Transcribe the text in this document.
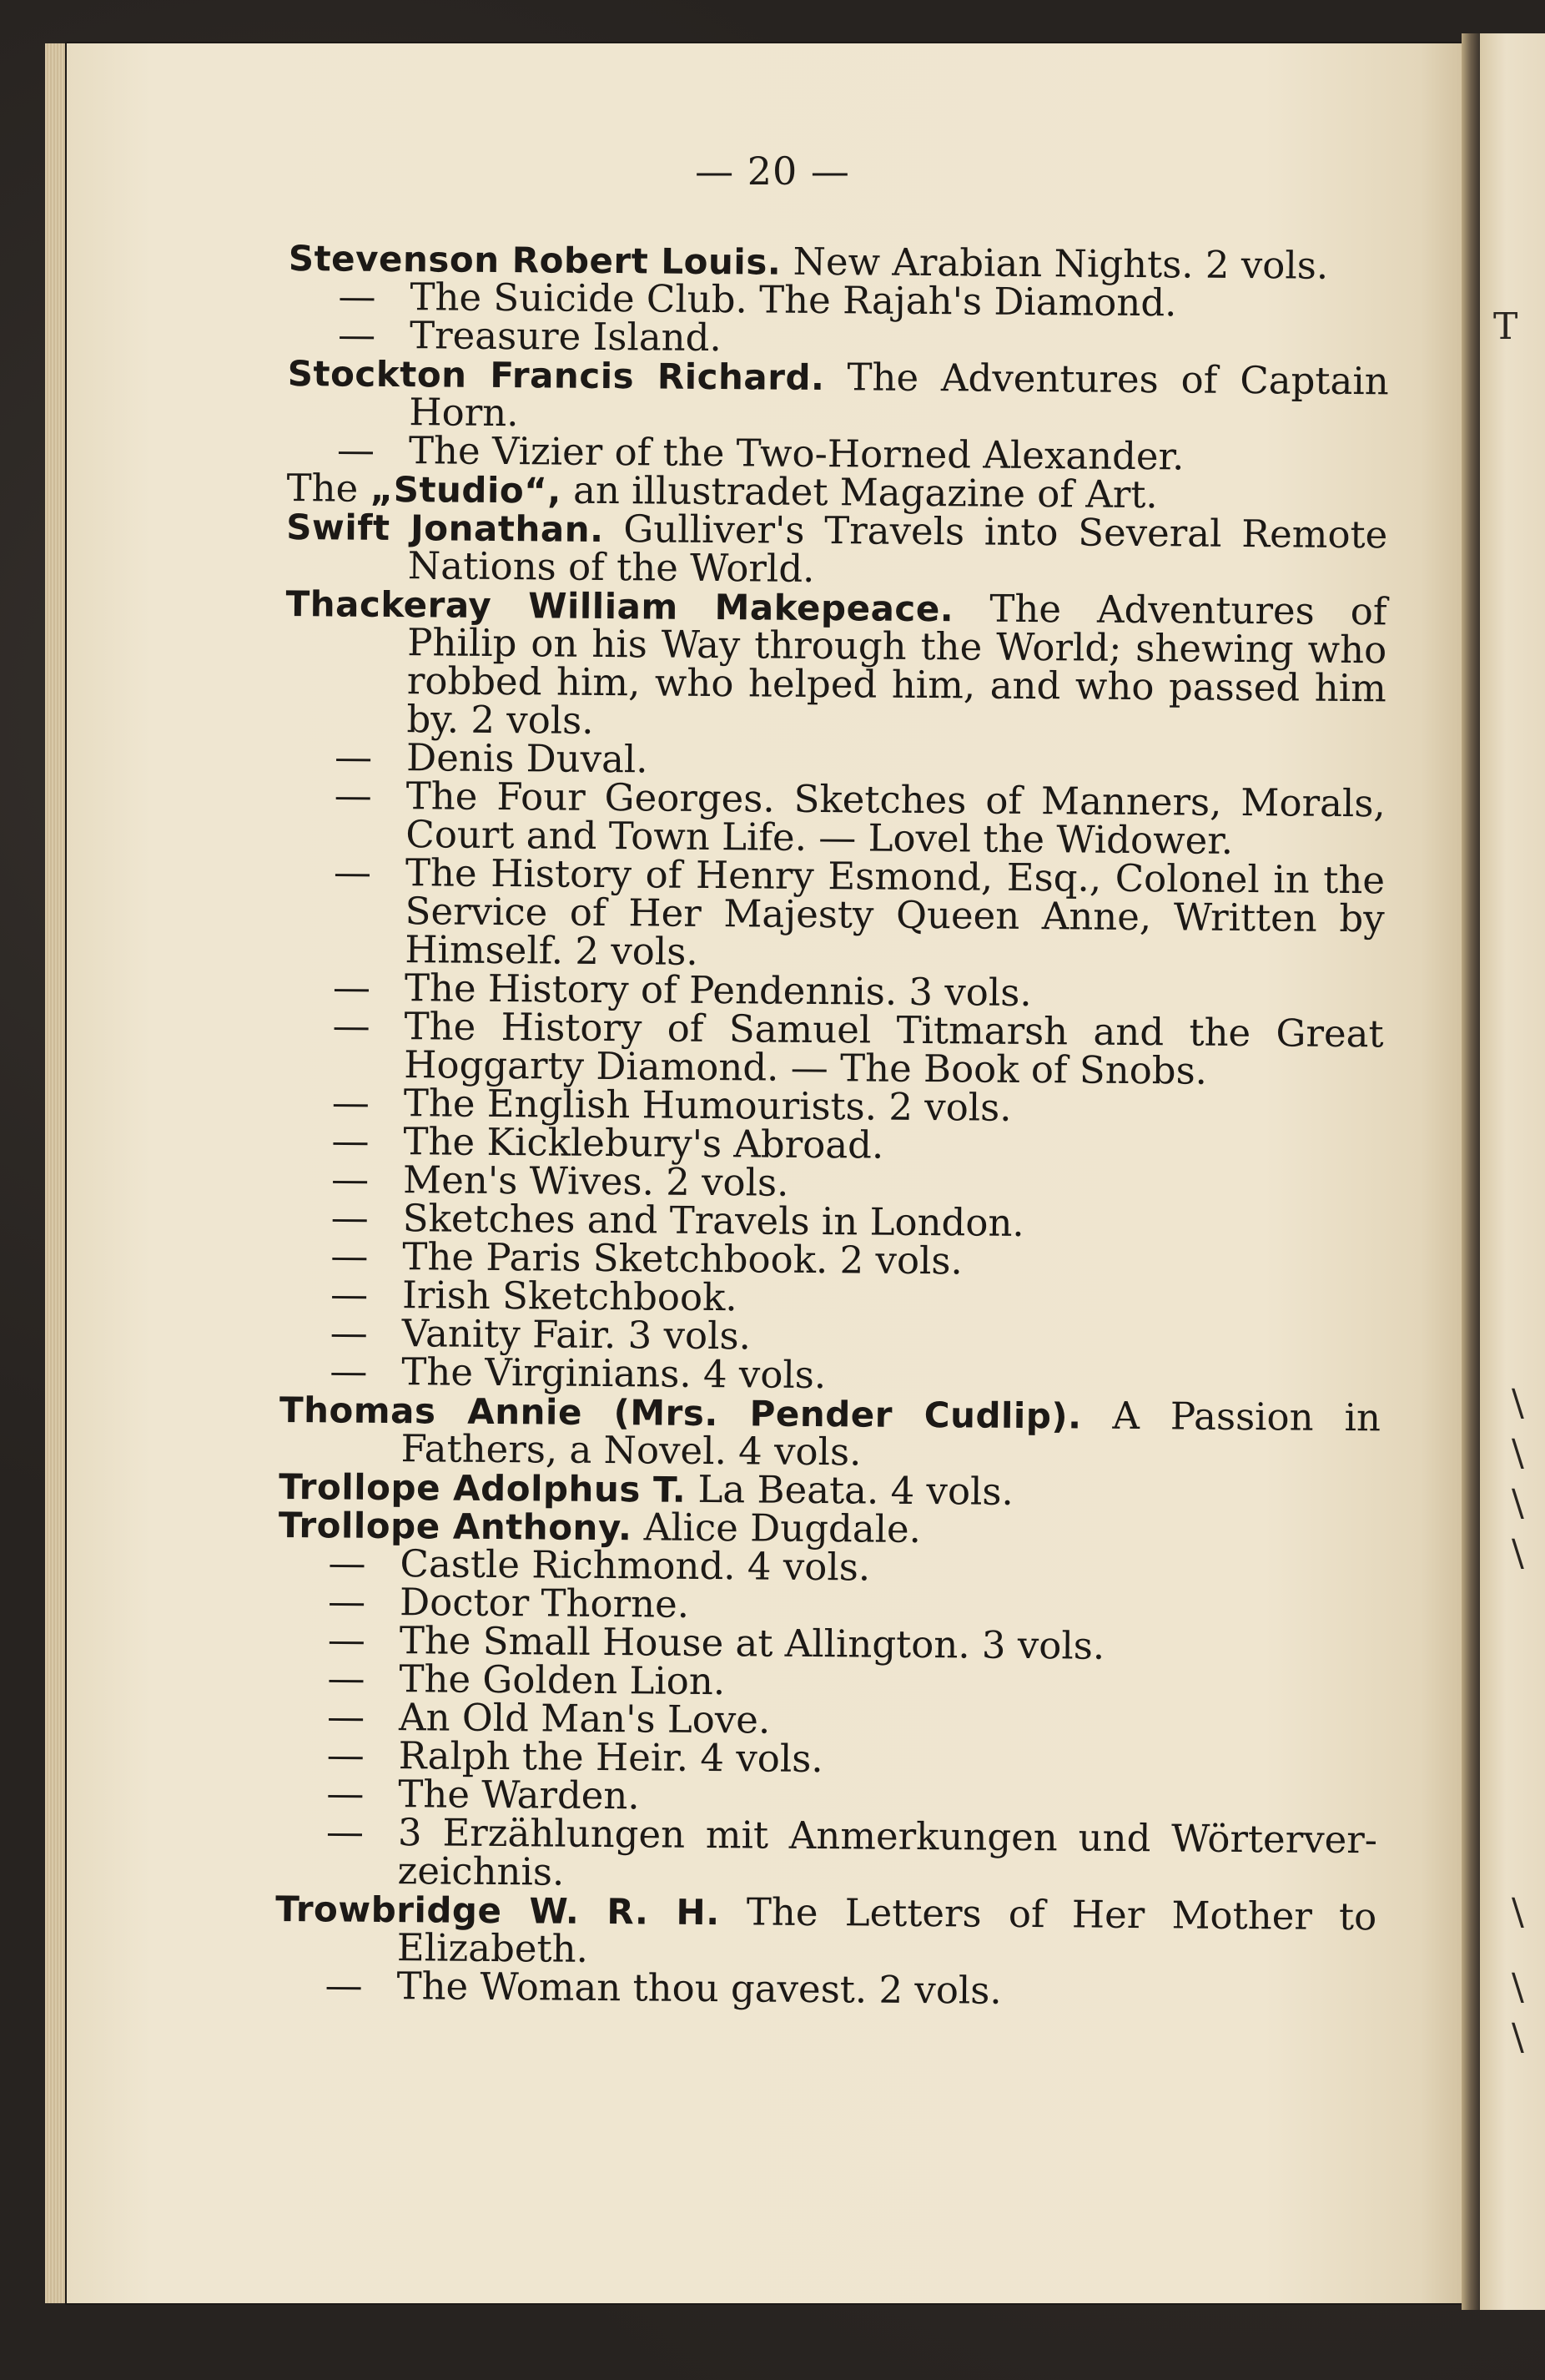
T
\
\
\
\
\
\
\
— 20 —
Stevenson Robert Louis. New Arabian Nights. 2 vols.
— The Suicide Club. The Rajah's Diamond.
— Treasure Island.
Stockton Francis Richard. The Adventures of Captain
Horn.
— The Vizier of the Two-Horned Alexander.
The „Studio“, an illustradet Magazine of Art.
Swift Jonathan. Gulliver's Travels into Several Remote
Nations of the World.
Thackeray William Makepeace. The Adventures of
Philip on his Way through the World; shewing who
robbed him, who helped him, and who passed him
by. 2 vols.
— Denis Duval.
— The Four Georges. Sketches of Manners, Morals,
Court and Town Life. — Lovel the Widower.
— The History of Henry Esmond, Esq., Colonel in the
Service of Her Majesty Queen Anne, Written by
Himself. 2 vols.
— The History of Pendennis. 3 vols.
— The History of Samuel Titmarsh and the Great
Hoggarty Diamond. — The Book of Snobs.
— The English Humourists. 2 vols.
— The Kicklebury's Abroad.
— Men's Wives. 2 vols.
— Sketches and Travels in London.
— The Paris Sketchbook. 2 vols.
— Irish Sketchbook.
— Vanity Fair. 3 vols.
— The Virginians. 4 vols.
Thomas Annie (Mrs. Pender Cudlip). A Passion in
Fathers, a Novel. 4 vols.
Trollope Adolphus T. La Beata. 4 vols.
Trollope Anthony. Alice Dugdale.
— Castle Richmond. 4 vols.
— Doctor Thorne.
— The Small House at Allington. 3 vols.
— The Golden Lion.
— An Old Man's Love.
— Ralph the Heir. 4 vols.
— The Warden.
— 3 Erzählungen mit Anmerkungen und Wörterver-
zeichnis.
Trowbridge W. R. H. The Letters of Her Mother to
Elizabeth.
— The Woman thou gavest. 2 vols.
